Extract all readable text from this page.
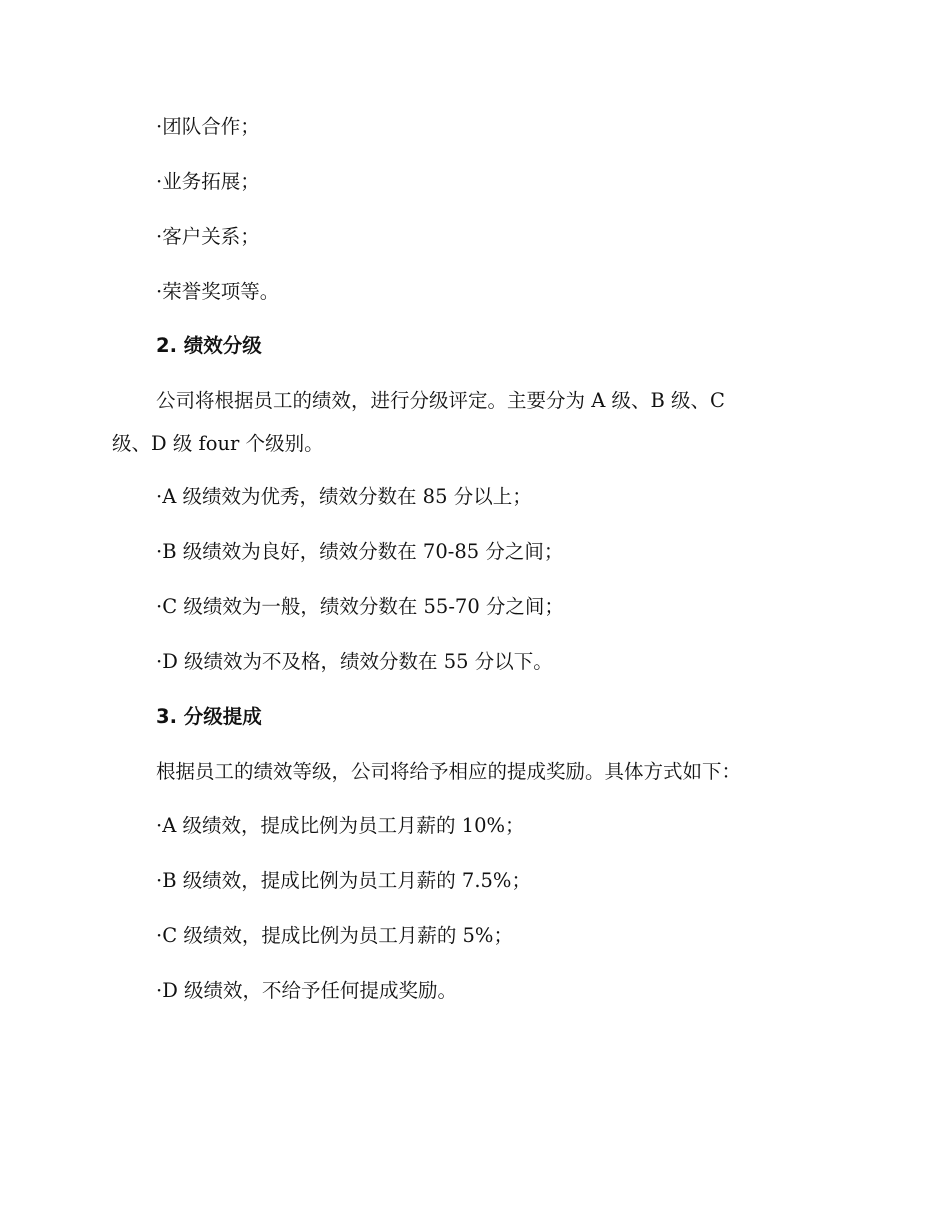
·团队合作；
·业务拓展；
·客户关系；
·荣誉奖项等。
2. 绩效分级
公司将根据员工的绩效，进行分级评定。主要分为 A 级、B 级、C
级、D 级 four 个级别。
·A 级绩效为优秀，绩效分数在 85 分以上；
·B 级绩效为良好，绩效分数在 70-85 分之间；
·C 级绩效为一般，绩效分数在 55-70 分之间；
·D 级绩效为不及格，绩效分数在 55 分以下。
3. 分级提成
根据员工的绩效等级，公司将给予相应的提成奖励。具体方式如下：
·A 级绩效，提成比例为员工月薪的 10%；
·B 级绩效，提成比例为员工月薪的 7.5%；
·C 级绩效，提成比例为员工月薪的 5%；
·D 级绩效，不给予任何提成奖励。
